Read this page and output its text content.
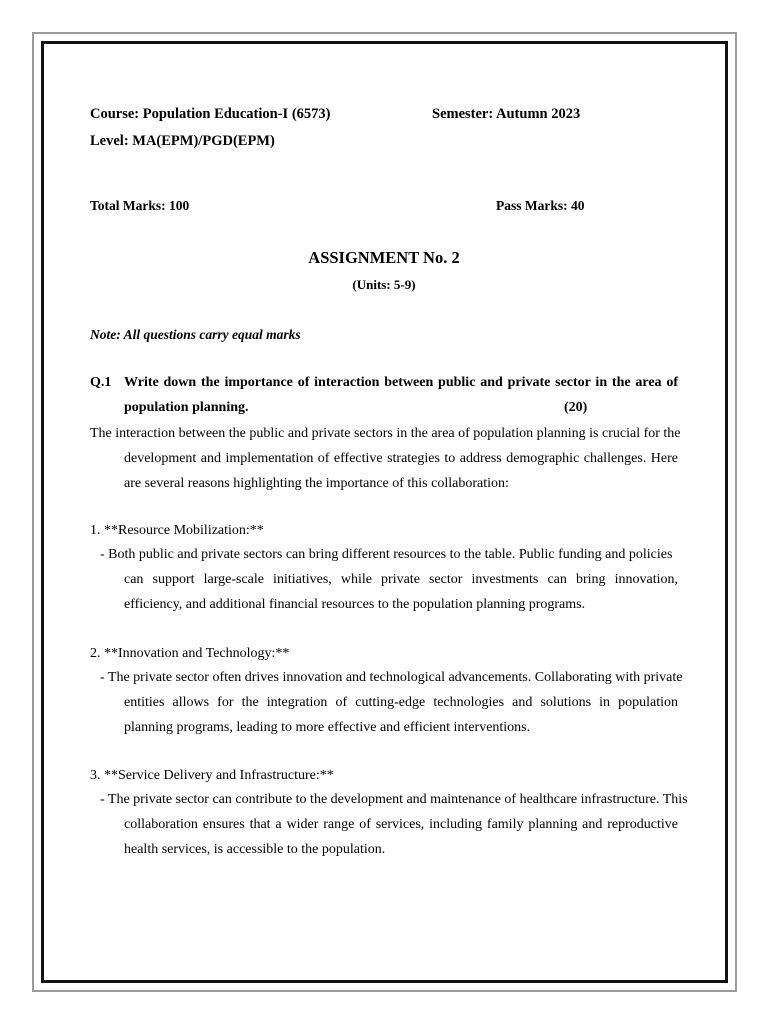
Course: Population Education-I (6573)	Semester: Autumn 2023
Level: MA(EPM)/PGD(EPM)
Total Marks: 100	Pass Marks: 40
ASSIGNMENT No. 2
(Units: 5-9)
Note: All questions carry equal marks
Q.1 Write down the importance of interaction between public and private sector in the area of
population planning.	(20)
The interaction between the public and private sectors in the area of population planning is crucial for the
development and implementation of effective strategies to address demographic challenges. Here are several reasons highlighting the importance of this collaboration:
1. **Resource Mobilization:**
- Both public and private sectors can bring different resources to the table. Public funding and policies
can support large-scale initiatives, while private sector investments can bring innovation, efficiency, and additional financial resources to the population planning programs.
2. **Innovation and Technology:**
- The private sector often drives innovation and technological advancements. Collaborating with private
entities allows for the integration of cutting-edge technologies and solutions in population planning programs, leading to more effective and efficient interventions.
3. **Service Delivery and Infrastructure:**
- The private sector can contribute to the development and maintenance of healthcare infrastructure. This
collaboration ensures that a wider range of services, including family planning and reproductive health services, is accessible to the population.
